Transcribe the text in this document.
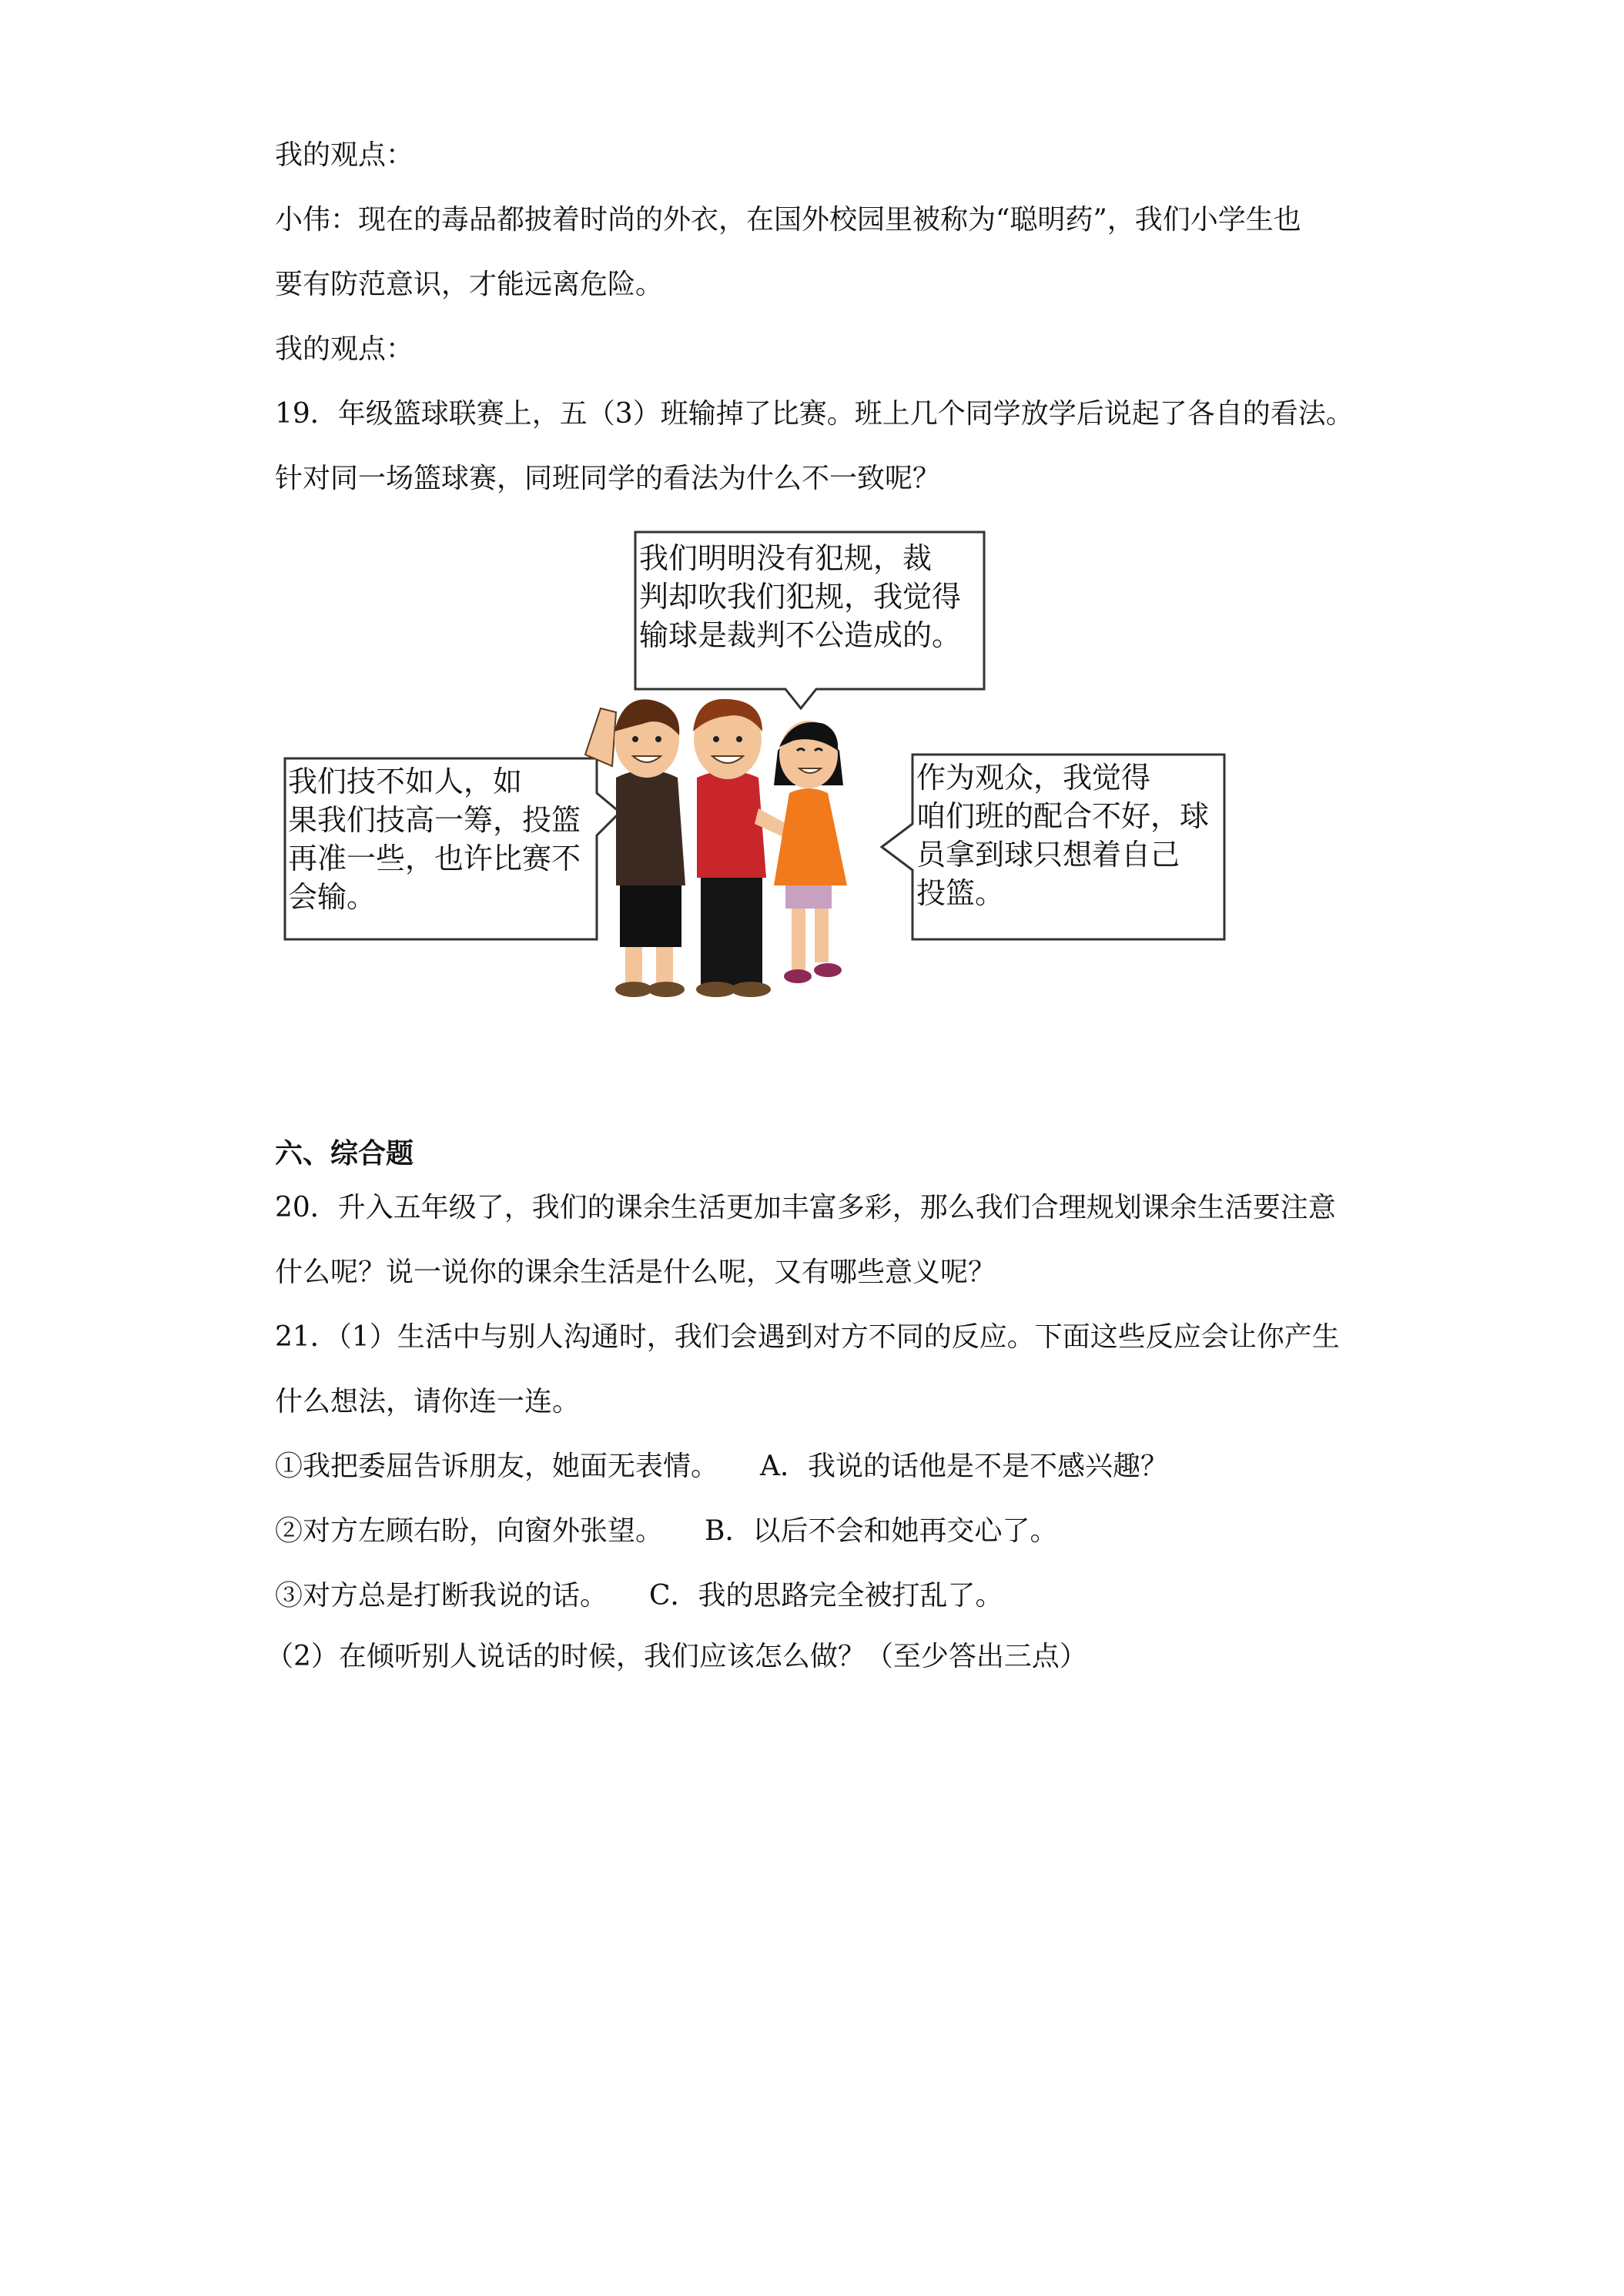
我的观点：
小伟：现在的毒品都披着时尚的外衣，在国外校园里被称为“聪明药”，我们小学生也
要有防范意识，才能远离危险。
我的观点：
19．年级篮球联赛上，五（3）班输掉了比赛。班上几个同学放学后说起了各自的看法。
针对同一场篮球赛，同班同学的看法为什么不一致呢？
我们明明没有犯规，裁
判却吹我们犯规，我觉得
输球是裁判不公造成的。
我们技不如人，如
果我们技高一筹，投篮
再准一些，也许比赛不
会输。
作为观众，我觉得
咱们班的配合不好，球
员拿到球只想着自己
投篮。
六、综合题
20．升入五年级了，我们的课余生活更加丰富多彩，那么我们合理规划课余生活要注意
什么呢？说一说你的课余生活是什么呢，又有哪些意义呢？
21．（1）生活中与别人沟通时，我们会遇到对方不同的反应。下面这些反应会让你产生
什么想法，请你连一连。
①我把委屈告诉朋友，她面无表情。　　A．我说的话他是不是不感兴趣？
②对方左顾右盼，向窗外张望。　　B．以后不会和她再交心了。
③对方总是打断我说的话。　　C．我的思路完全被打乱了。
（2）在倾听别人说话的时候，我们应该怎么做？（至少答出三点）
